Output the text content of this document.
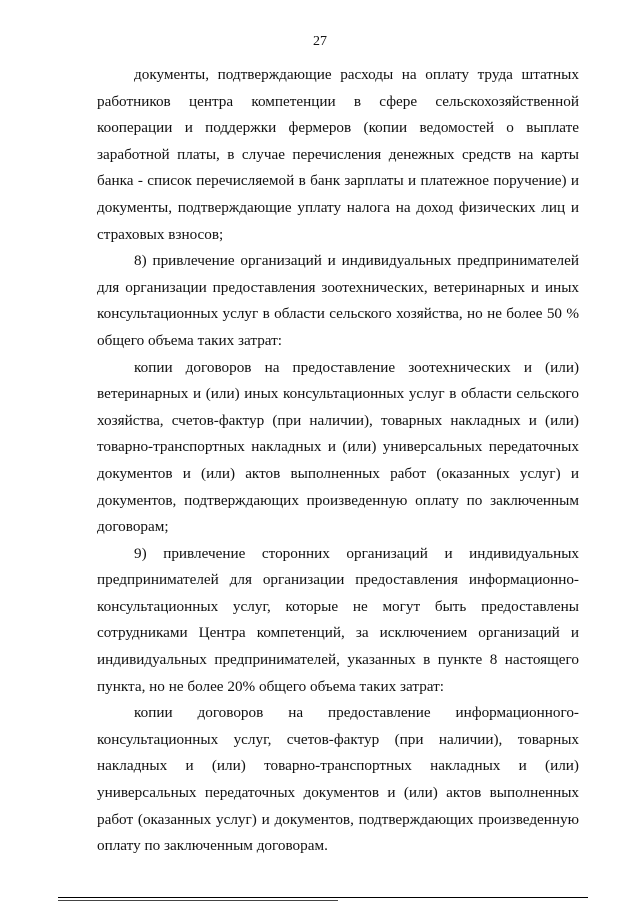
27

документы, подтверждающие расходы на оплату труда штатных
работников центра компетенции в сфере сельскохозяйственной
кооперации и поддержки фермеров (копии ведомостей о выплате
заработной платы, в случае перечисления денежных средств на карты
банка - список перечисляемой в банк зарплаты и платежное поручение) и
документы, подтверждающие уплату налога на доход физических лиц и
страховых взносов;

8) привлечение организаций и индивидуальных предпринимателей
для организации предоставления зоотехнических, ветеринарных и иных
консультационных услуг в области сельского хозяйства, но не более 50 %
общего объема таких затрат:

копии договоров на предоставление зоотехнических и (или)
ветеринарных и (или) иных консультационных услуг в области сельского
хозяйства, счетов-фактур (при наличии), товарных накладных и (или)
товарно-транспортных накладных и (или) универсальных передаточных
документов и (или) актов выполненных работ (оказанных услуг) и
документов, подтверждающих произведенную оплату по заключенным
договорам;

9) привлечение сторонних организаций и индивидуальных
предпринимателей для организации предоставления информационно-
консультационных услуг, которые не могут быть предоставлены
сотрудниками Центра компетенций, за исключением организаций и
индивидуальных предпринимателей, указанных в пункте 8 настоящего
пункта, но не более 20% общего объема таких затрат:

копии договоров на предоставление информационного-
консультационных услуг, счетов-фактур (при наличии), товарных
накладных и (или) товарно-транспортных накладных и (или)
универсальных передаточных документов и (или) актов выполненных
работ (оказанных услуг) и документов, подтверждающих произведенную
оплату по заключенным договорам.
